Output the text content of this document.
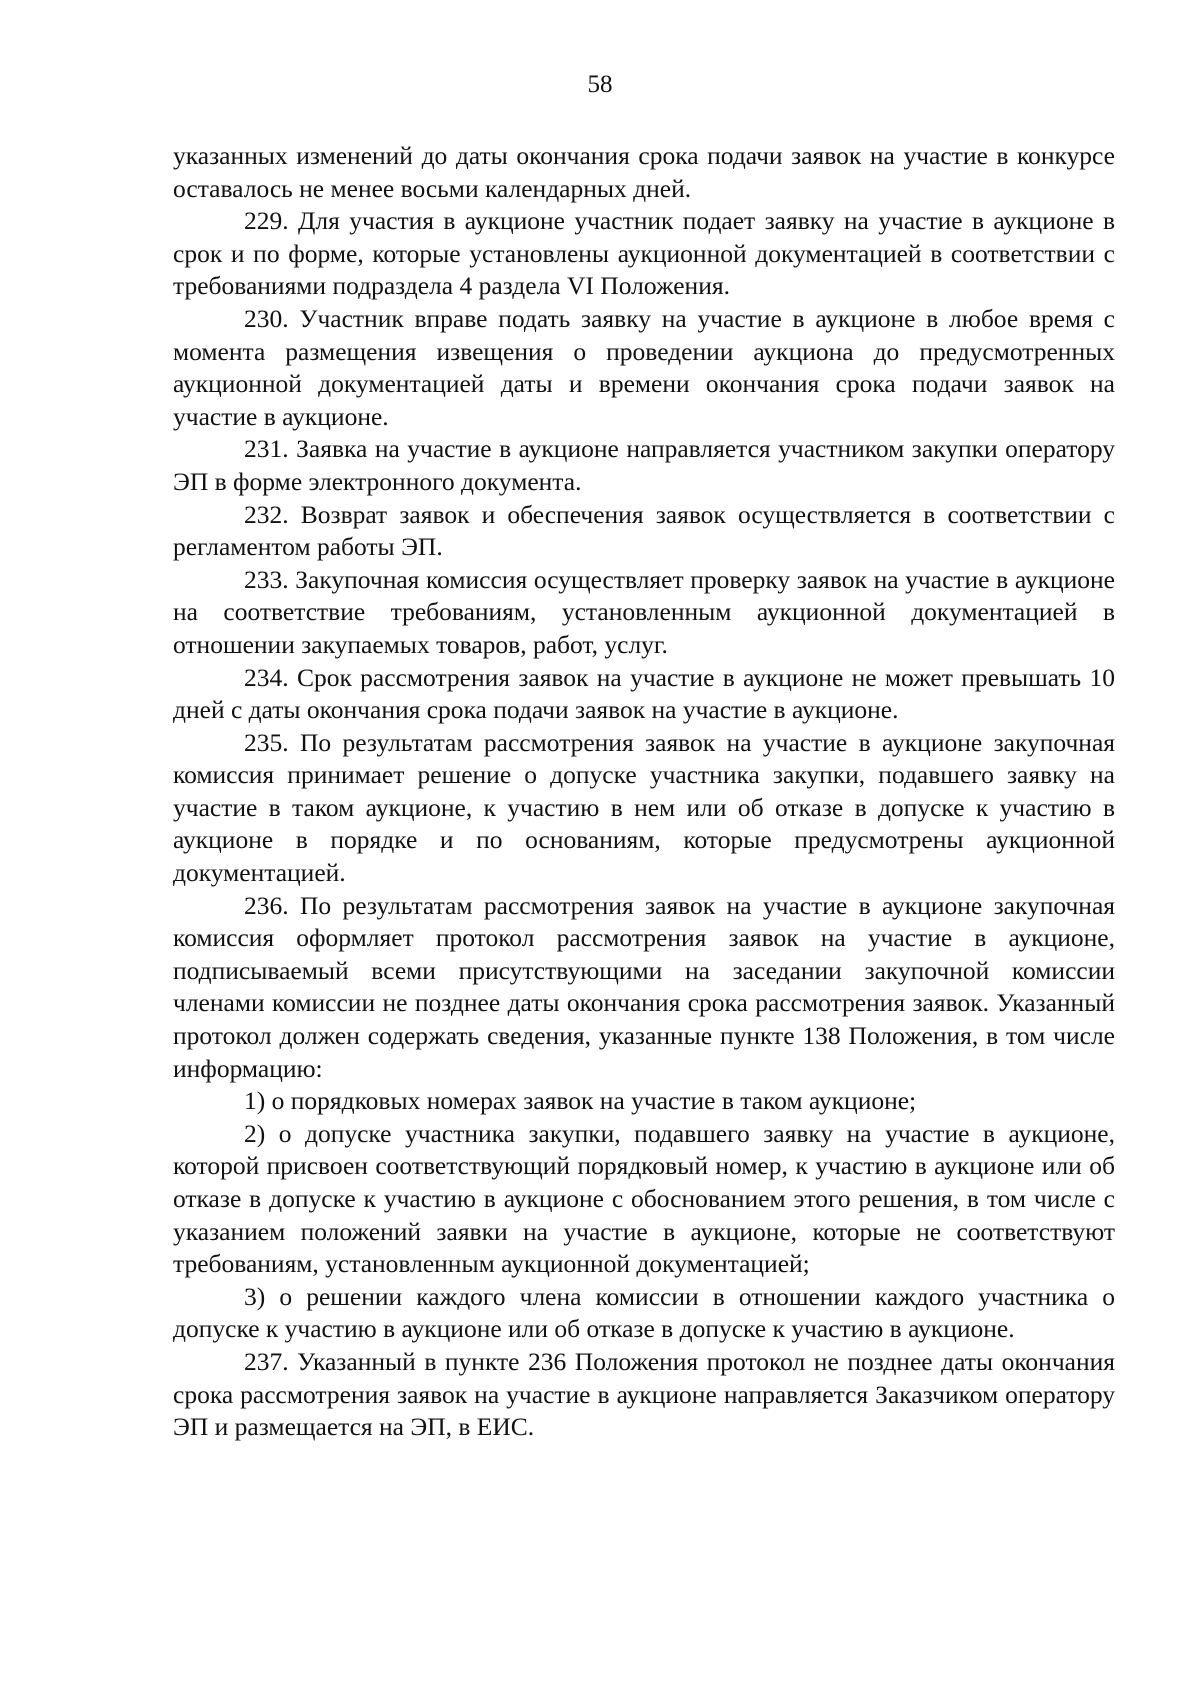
58

указанных изменений до даты окончания срока подачи заявок на участие в конкурсе оставалось не менее восьми календарных дней.

229. Для участия в аукционе участник подает заявку на участие в аукционе в срок и по форме, которые установлены аукционной документацией в соответствии с требованиями подраздела 4 раздела VI Положения.

230. Участник вправе подать заявку на участие в аукционе в любое время с момента размещения извещения о проведении аукциона до предусмотренных аукционной документацией даты и времени окончания срока подачи заявок на участие в аукционе.

231. Заявка на участие в аукционе направляется участником закупки оператору ЭП в форме электронного документа.

232. Возврат заявок и обеспечения заявок осуществляется в соответствии с регламентом работы ЭП.

233. Закупочная комиссия осуществляет проверку заявок на участие в аукционе на соответствие требованиям, установленным аукционной документацией в отношении закупаемых товаров, работ, услуг.

234. Срок рассмотрения заявок на участие в аукционе не может превышать 10 дней с даты окончания срока подачи заявок на участие в аукционе.

235. По результатам рассмотрения заявок на участие в аукционе закупочная комиссия принимает решение о допуске участника закупки, подавшего заявку на участие в таком аукционе, к участию в нем или об отказе в допуске к участию в аукционе в порядке и по основаниям, которые предусмотрены аукционной документацией.

236. По результатам рассмотрения заявок на участие в аукционе закупочная комиссия оформляет протокол рассмотрения заявок на участие в аукционе, подписываемый всеми присутствующими на заседании закупочной комиссии членами комиссии не позднее даты окончания срока рассмотрения заявок. Указанный протокол должен содержать сведения, указанные пункте 138 Положения, в том числе информацию:

1) о порядковых номерах заявок на участие в таком аукционе;

2) о допуске участника закупки, подавшего заявку на участие в аукционе, которой присвоен соответствующий порядковый номер, к участию в аукционе или об отказе в допуске к участию в аукционе с обоснованием этого решения, в том числе с указанием положений заявки на участие в аукционе, которые не соответствуют требованиям, установленным аукционной документацией;

3) о решении каждого члена комиссии в отношении каждого участника о допуске к участию в аукционе или об отказе в допуске к участию в аукционе.

237. Указанный в пункте 236 Положения протокол не позднее даты окончания срока рассмотрения заявок на участие в аукционе направляется Заказчиком оператору ЭП и размещается на ЭП, в ЕИС.
